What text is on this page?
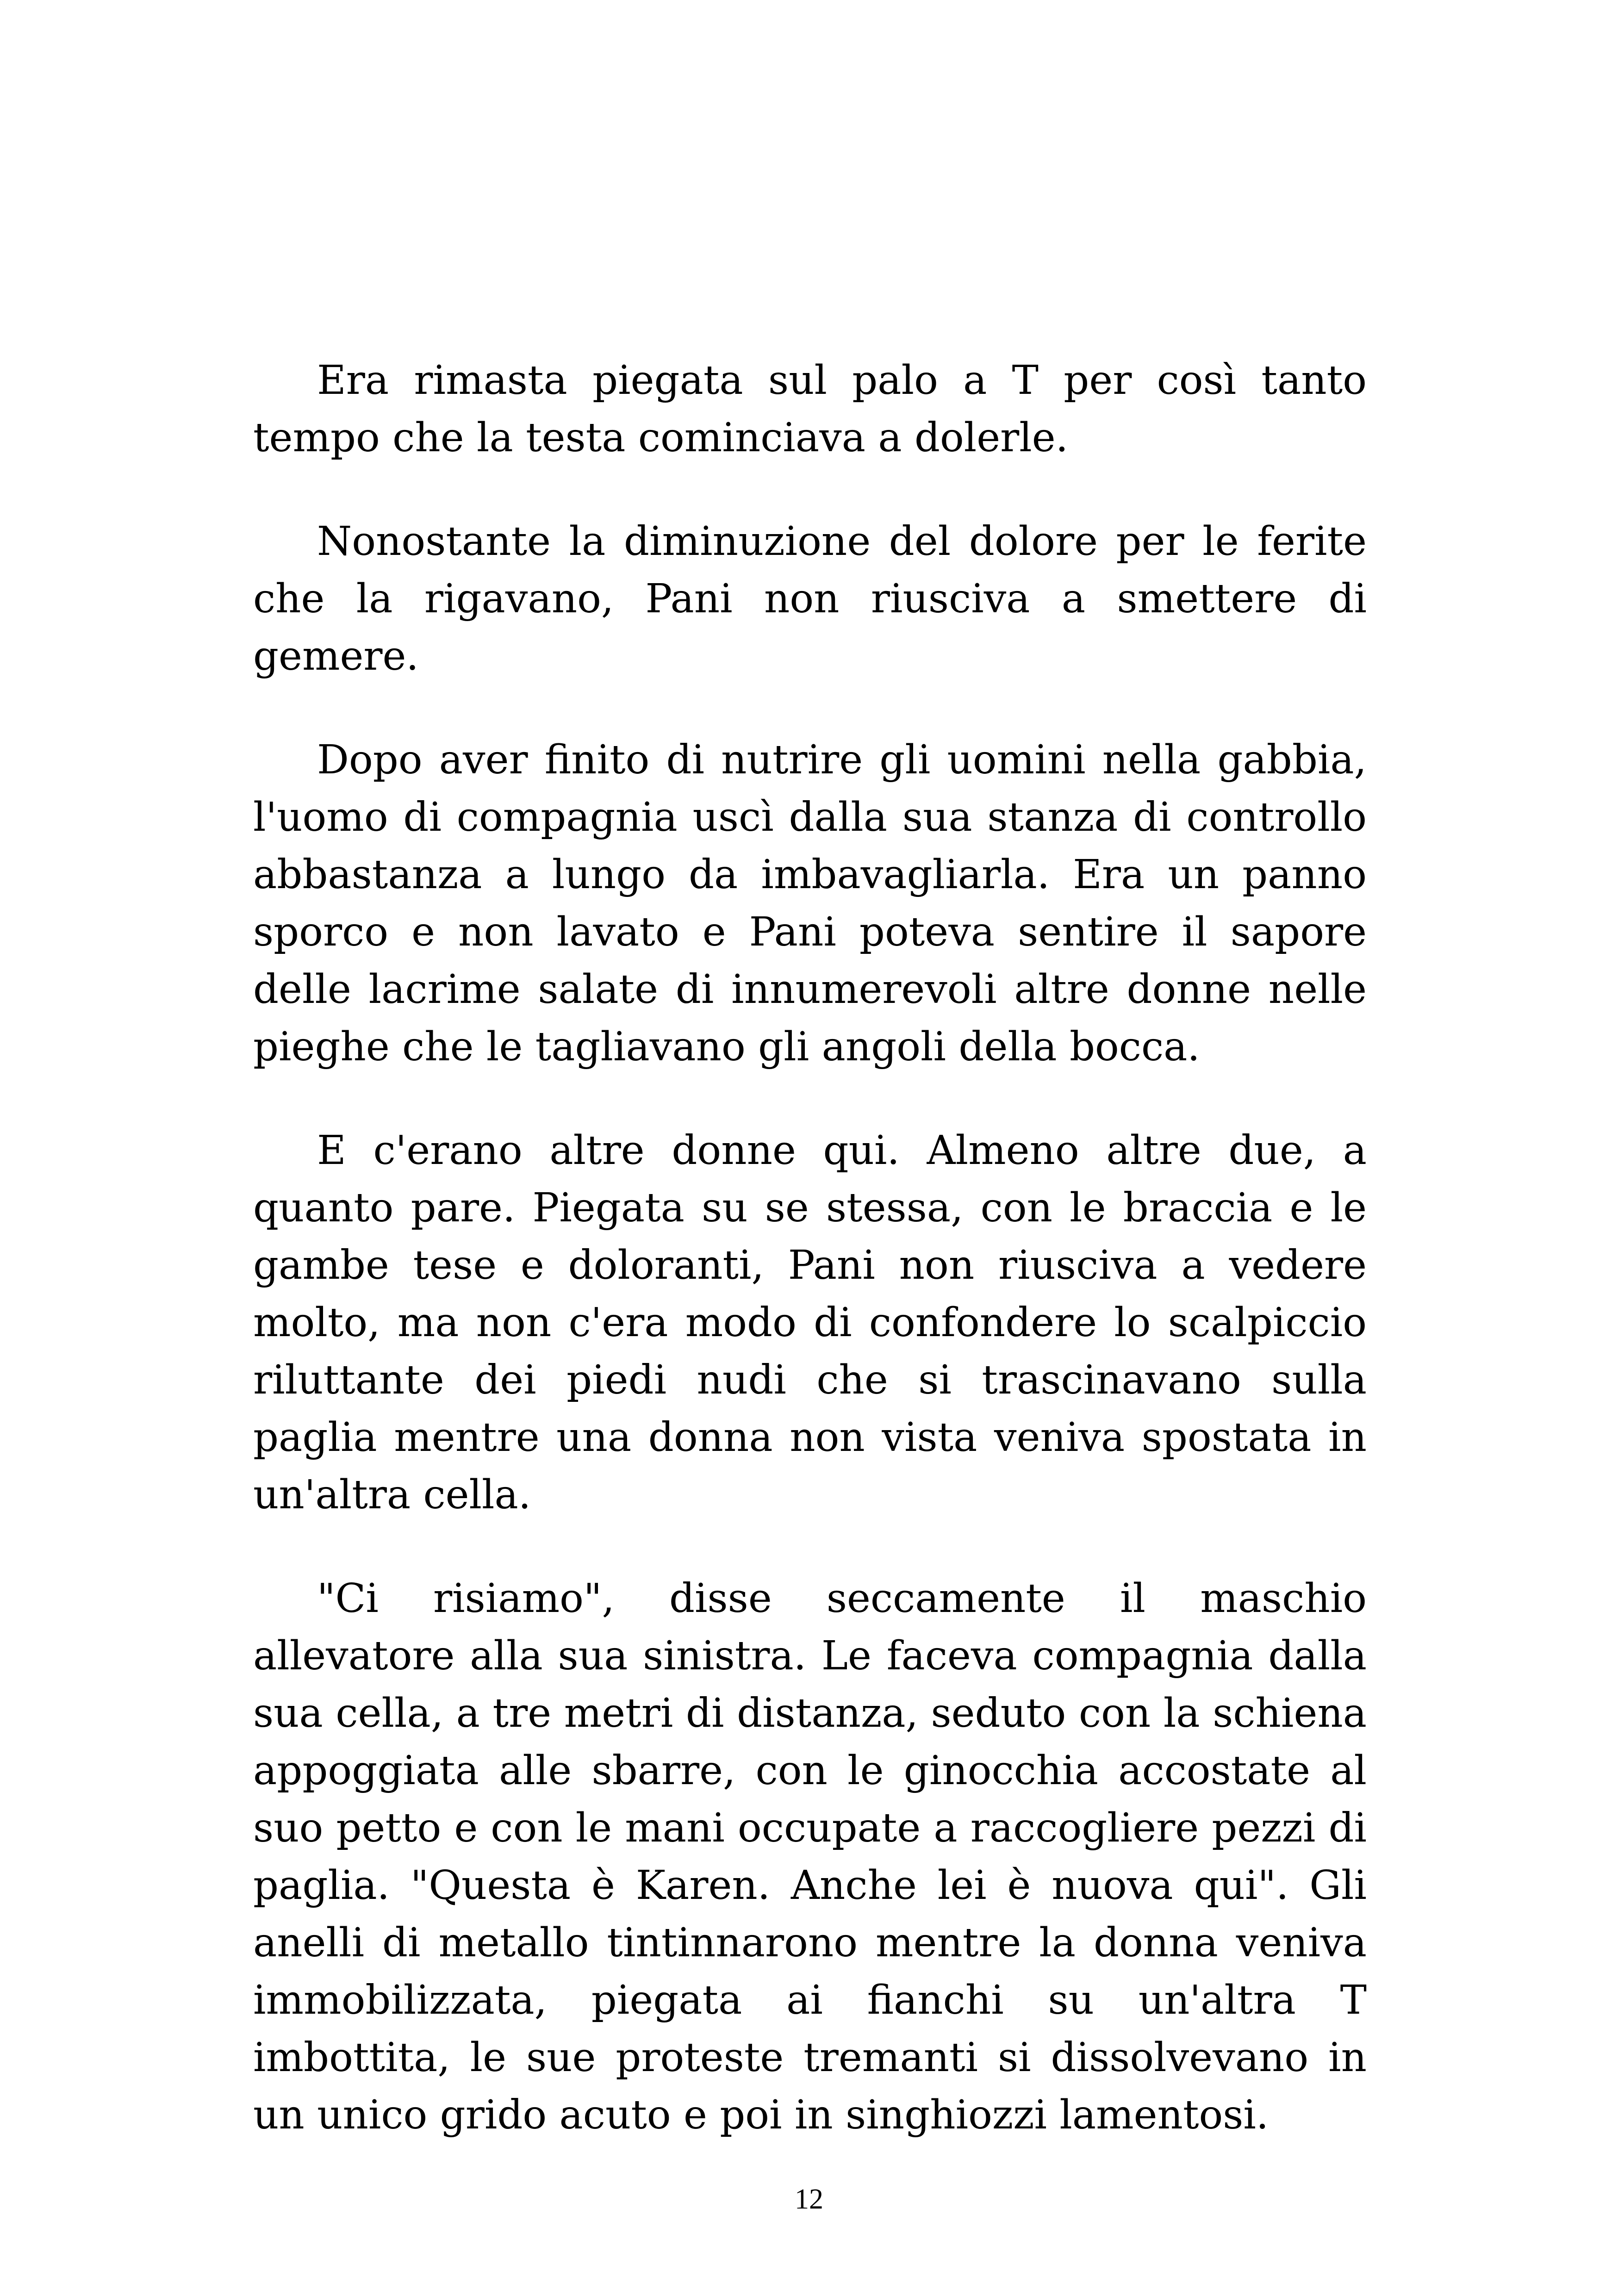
Era rimasta piegata sul palo a T per così tanto tempo che la testa cominciava a dolerle.

Nonostante la diminuzione del dolore per le ferite che la rigavano, Pani non riusciva a smettere di gemere.

Dopo aver finito di nutrire gli uomini nella gabbia, l'uomo di compagnia uscì dalla sua stanza di controllo abbastanza a lungo da imbavagliarla. Era un panno sporco e non lavato e Pani poteva sentire il sapore delle lacrime salate di innumerevoli altre donne nelle pieghe che le tagliavano gli angoli della bocca.

E c'erano altre donne qui. Almeno altre due, a quanto pare. Piegata su se stessa, con le braccia e le gambe tese e doloranti, Pani non riusciva a vedere molto, ma non c'era modo di confondere lo scalpiccio riluttante dei piedi nudi che si trascinavano sulla paglia mentre una donna non vista veniva spostata in un'altra cella.

"Ci risiamo", disse seccamente il maschio allevatore alla sua sinistra. Le faceva compagnia dalla sua cella, a tre metri di distanza, seduto con la schiena appoggiata alle sbarre, con le ginocchia accostate al suo petto e con le mani occupate a raccogliere pezzi di paglia. "Questa è Karen. Anche lei è nuova qui". Gli anelli di metallo tintinnarono mentre la donna veniva immobilizzata, piegata ai fianchi su un'altra T imbottita, le sue proteste tremanti si dissolvevano in un unico grido acuto e poi in singhiozzi lamentosi.

12
